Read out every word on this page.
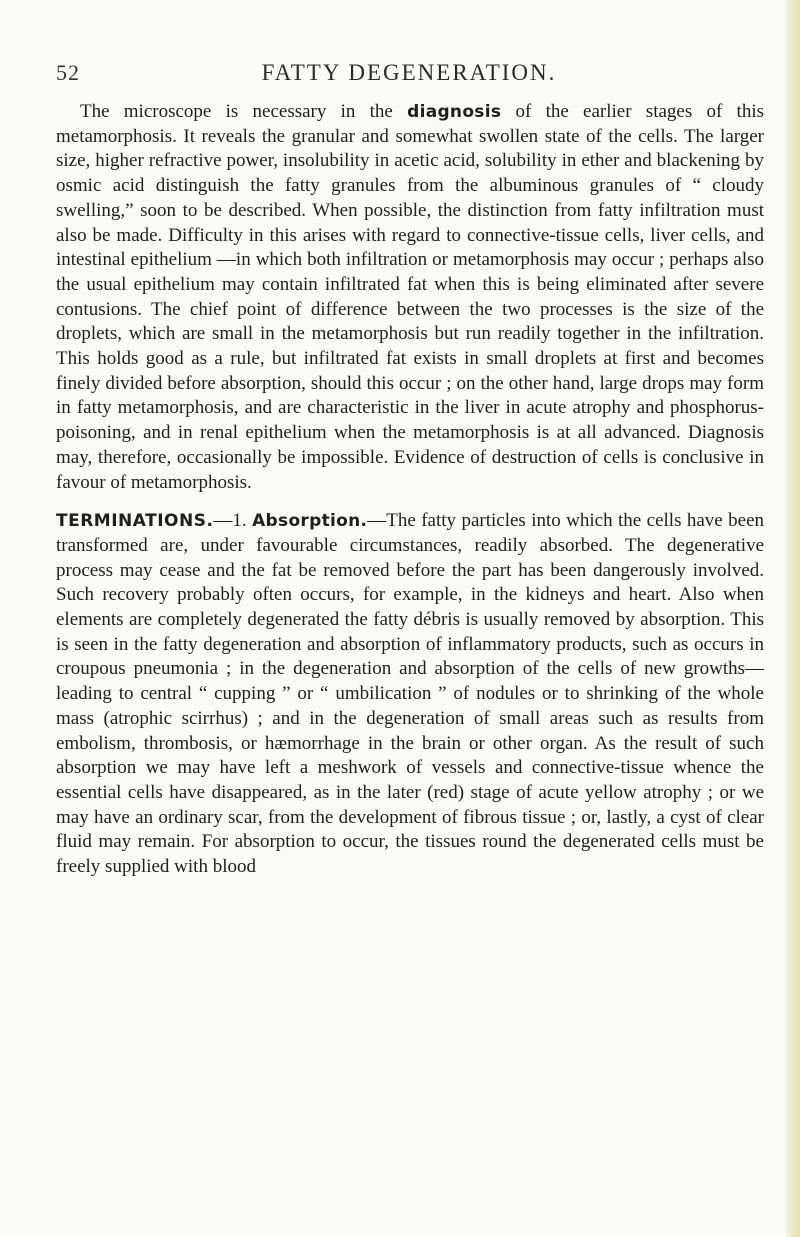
52	FATTY DEGENERATION.

The microscope is necessary in the diagnosis of the earlier stages of this metamorphosis. It reveals the granular and somewhat swollen state of the cells. The larger size, higher refractive power, insolubility in acetic acid, solubility in ether and blackening by osmic acid distinguish the fatty granules from the albuminous granules of “ cloudy swelling,” soon to be described. When possible, the distinction from fatty infiltration must also be made. Difficulty in this arises with regard to connective-tissue cells, liver cells, and intestinal epithelium —in which both infiltration or metamorphosis may occur ; perhaps also the usual epithelium may contain infiltrated fat when this is being eliminated after severe contusions. The chief point of difference between the two processes is the size of the droplets, which are small in the metamorphosis but run readily together in the infiltration. This holds good as a rule, but infiltrated fat exists in small droplets at first and becomes finely divided before absorption, should this occur ; on the other hand, large drops may form in fatty metamorphosis, and are characteristic in the liver in acute atrophy and phosphorus-poisoning, and in renal epithelium when the metamorphosis is at all advanced. Diagnosis may, therefore, occasionally be impossible. Evidence of destruction of cells is conclusive in favour of metamorphosis.

TERMINATIONS.—1. Absorption.—The fatty particles into which the cells have been transformed are, under favourable circumstances, readily absorbed. The degenerative process may cease and the fat be removed before the part has been dangerously involved. Such recovery probably often occurs, for example, in the kidneys and heart. Also when elements are completely degenerated the fatty débris is usually removed by absorption. This is seen in the fatty degeneration and absorption of inflammatory products, such as occurs in croupous pneumonia ; in the degeneration and absorption of the cells of new growths—leading to central “ cupping ” or “ umbilication ” of nodules or to shrinking of the whole mass (atrophic scirrhus) ; and in the degeneration of small areas such as results from embolism, thrombosis, or hæmorrhage in the brain or other organ. As the result of such absorption we may have left a meshwork of vessels and connective-tissue whence the essential cells have disappeared, as in the later (red) stage of acute yellow atrophy ; or we may have an ordinary scar, from the development of fibrous tissue ; or, lastly, a cyst of clear fluid may remain. For absorption to occur, the tissues round the degenerated cells must be freely supplied with blood
